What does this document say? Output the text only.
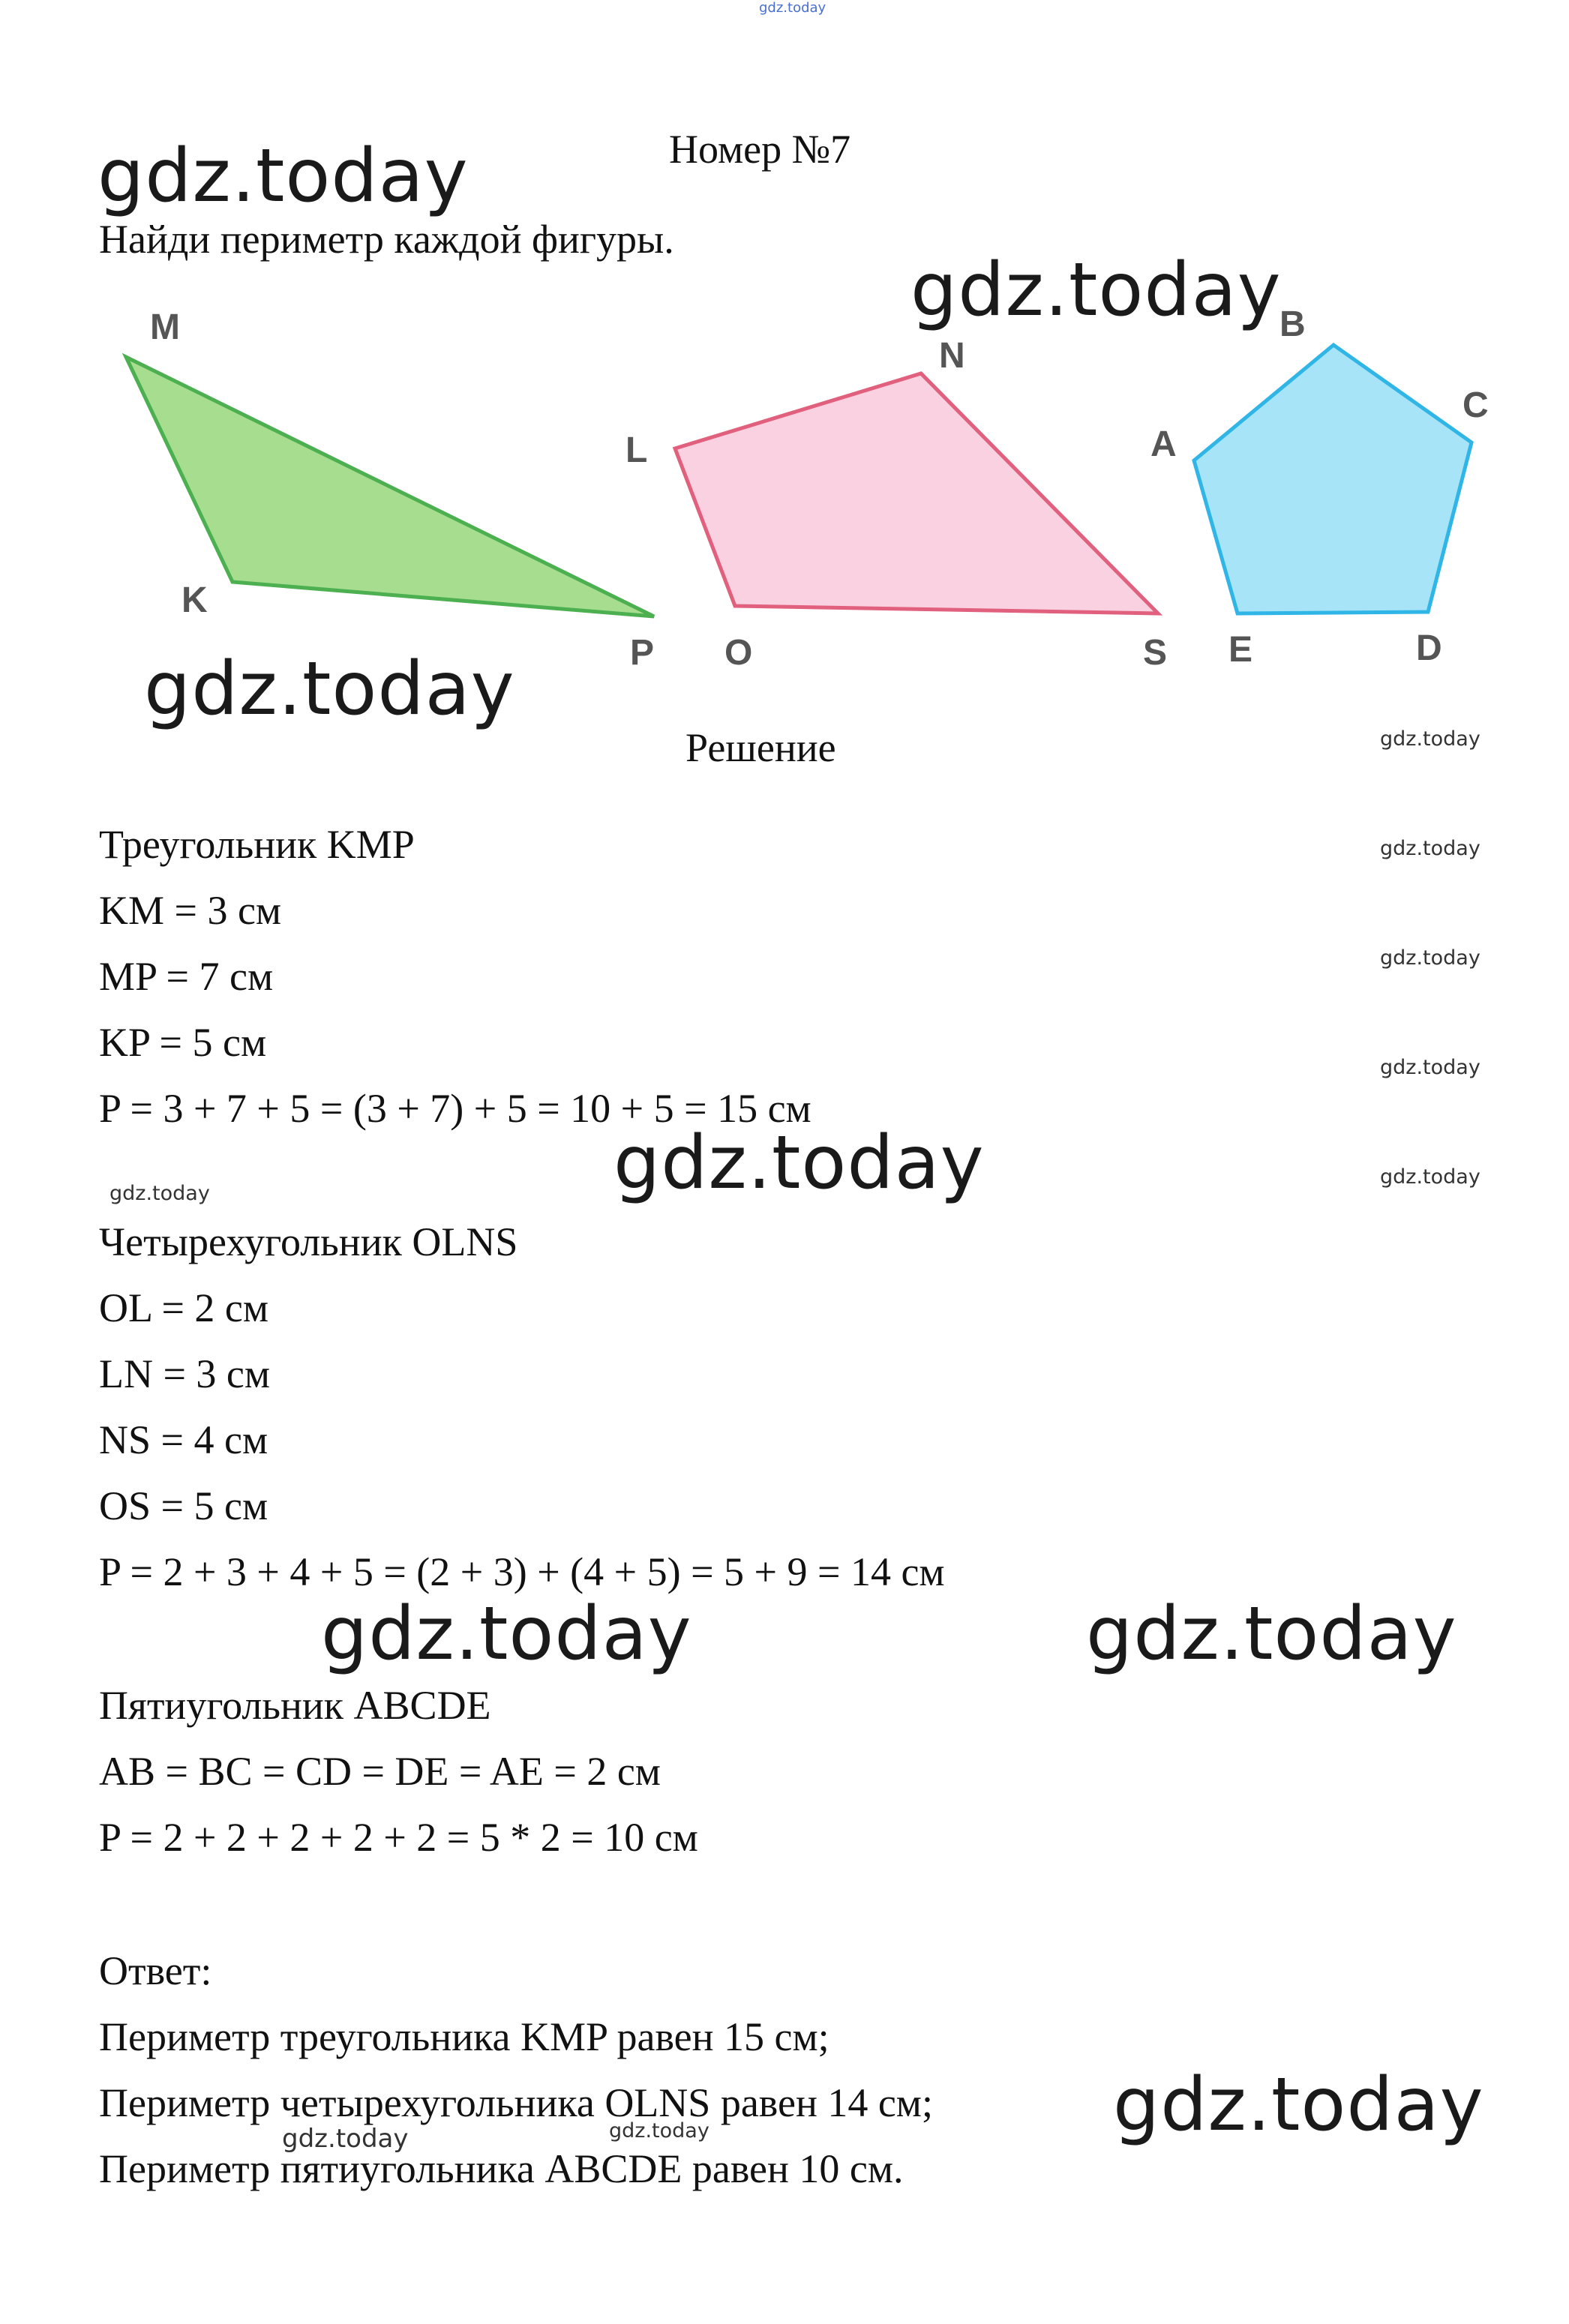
gdz.today
Номер №7
Найди периметр каждой фигуры.
M
K
P
L
N
O	S
A
B
C
D
E
Решение
Треугольник KMP
KM = 3 см
MP = 7 см
KP = 5 см
P = 3 + 7 + 5 = (3 + 7) + 5 = 10 + 5 = 15 см
Четырехугольник OLNS
OL = 2 см
LN = 3 см
NS = 4 см
OS = 5 см
P = 2 + 3 + 4 + 5 = (2 + 3) + (4 + 5) = 5 + 9 = 14 см
Пятиугольник ABCDE
AB = BC = CD = DE = AE = 2 см
P = 2 + 2 + 2 + 2 + 2 = 5 * 2 = 10 см
Ответ:
Периметр треугольника KMP равен 15 см;
Периметр четырехугольника OLNS равен 14 см;
Периметр пятиугольника ABCDE равен 10 см.
gdz.today
gdz.today
gdz.today
gdz.today
gdz.today	gdz.today
gdz.today
gdz.today
gdz.today
gdz.today
gdz.today
gdz.today
gdz.today
gdz.today	gdz.today
